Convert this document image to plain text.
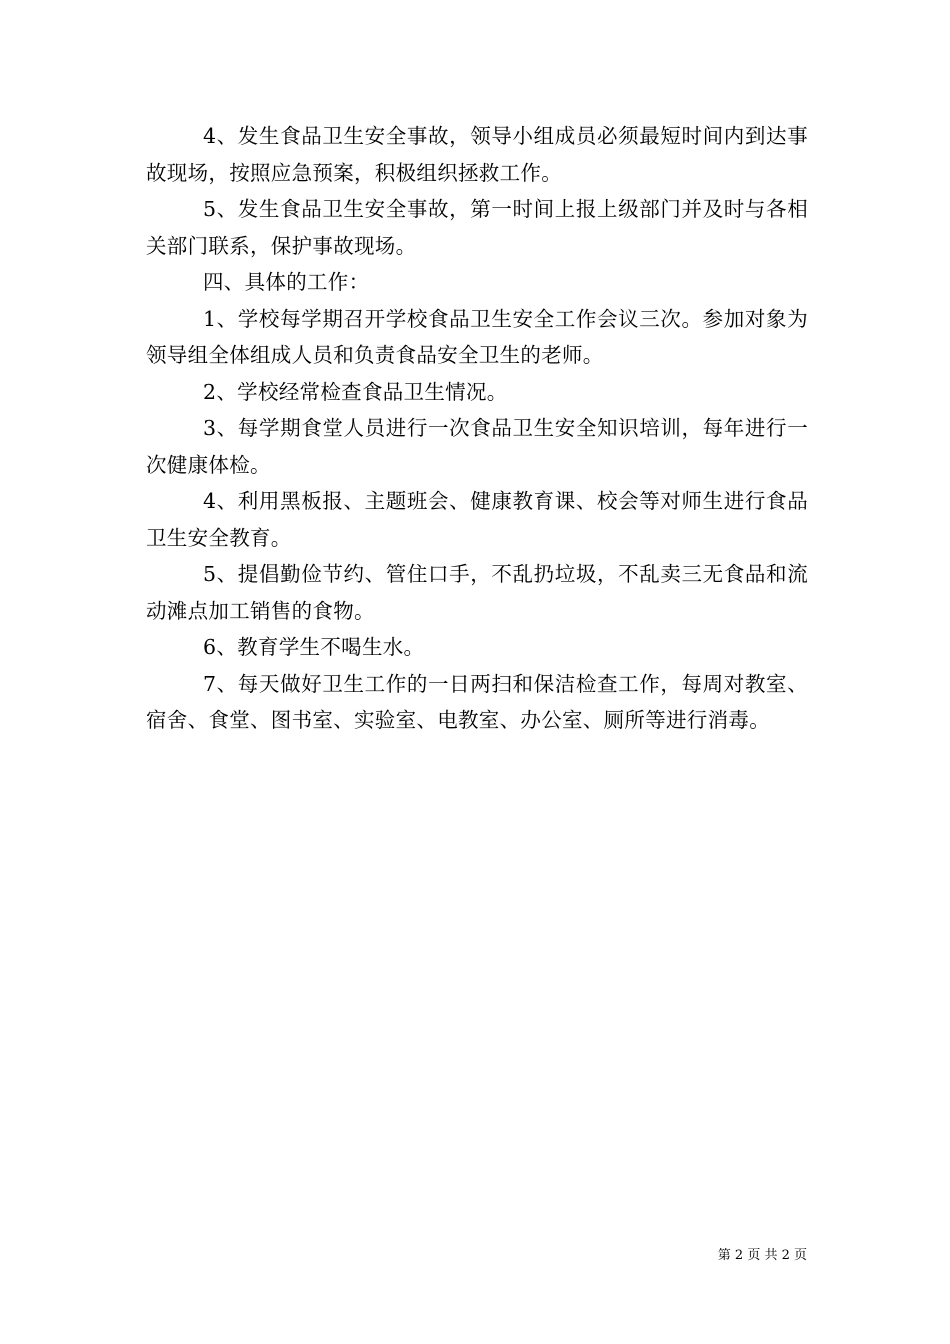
4、发生食品卫生安全事故，领导小组成员必须最短时间内到达事故现场，按照应急预案，积极组织拯救工作。

5、发生食品卫生安全事故，第一时间上报上级部门并及时与各相关部门联系，保护事故现场。

四、具体的工作：

1、学校每学期召开学校食品卫生安全工作会议三次。参加对象为领导组全体组成人员和负责食品安全卫生的老师。

2、学校经常检查食品卫生情况。

3、每学期食堂人员进行一次食品卫生安全知识培训，每年进行一次健康体检。

4、利用黑板报、主题班会、健康教育课、校会等对师生进行食品卫生安全教育。

5、提倡勤俭节约、管住口手，不乱扔垃圾，不乱卖三无食品和流动滩点加工销售的食物。

6、教育学生不喝生水。

7、每天做好卫生工作的一日两扫和保洁检查工作，每周对教室、宿舍、食堂、图书室、实验室、电教室、办公室、厕所等进行消毒。

第 2 页 共 2 页
